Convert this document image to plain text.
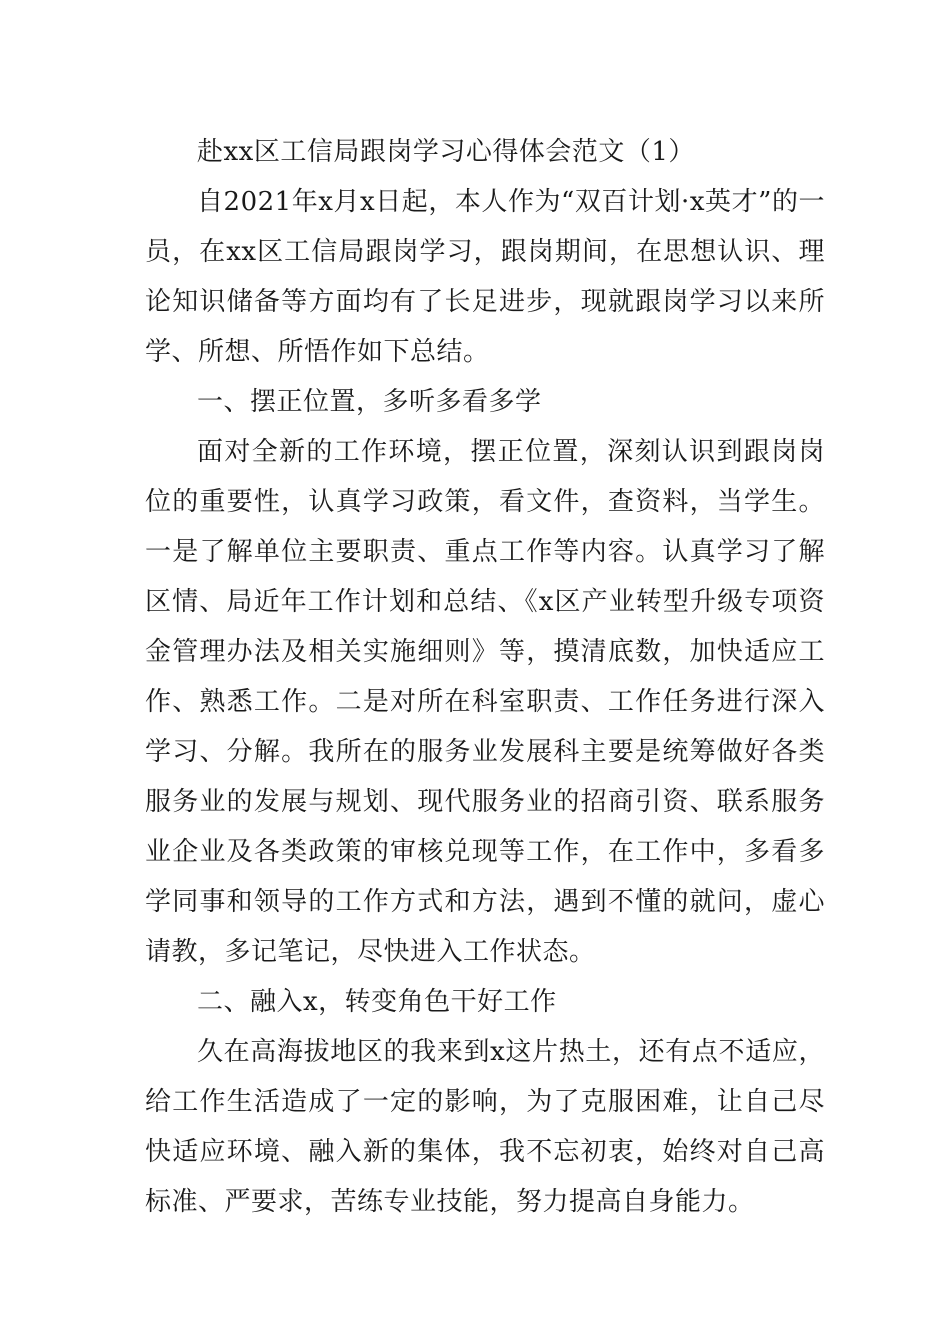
赴xx区工信局跟岗学习心得体会范文（1）

自2021年x月x日起，本人作为“双百计划·x英才”的一员，在xx区工信局跟岗学习，跟岗期间，在思想认识、理论知识储备等方面均有了长足进步，现就跟岗学习以来所学、所想、所悟作如下总结。

一、摆正位置，多听多看多学

面对全新的工作环境，摆正位置，深刻认识到跟岗岗位的重要性，认真学习政策，看文件，查资料，当学生。一是了解单位主要职责、重点工作等内容。认真学习了解区情、局近年工作计划和总结、《x区产业转型升级专项资金管理办法及相关实施细则》等，摸清底数，加快适应工作、熟悉工作。二是对所在科室职责、工作任务进行深入学习、分解。我所在的服务业发展科主要是统筹做好各类服务业的发展与规划、现代服务业的招商引资、联系服务业企业及各类政策的审核兑现等工作，在工作中，多看多学同事和领导的工作方式和方法，遇到不懂的就问，虚心请教，多记笔记，尽快进入工作状态。

二、融入x，转变角色干好工作

久在高海拔地区的我来到x这片热土，还有点不适应，给工作生活造成了一定的影响，为了克服困难，让自己尽快适应环境、融入新的集体，我不忘初衷，始终对自己高标准、严要求，苦练专业技能，努力提高自身能力。
